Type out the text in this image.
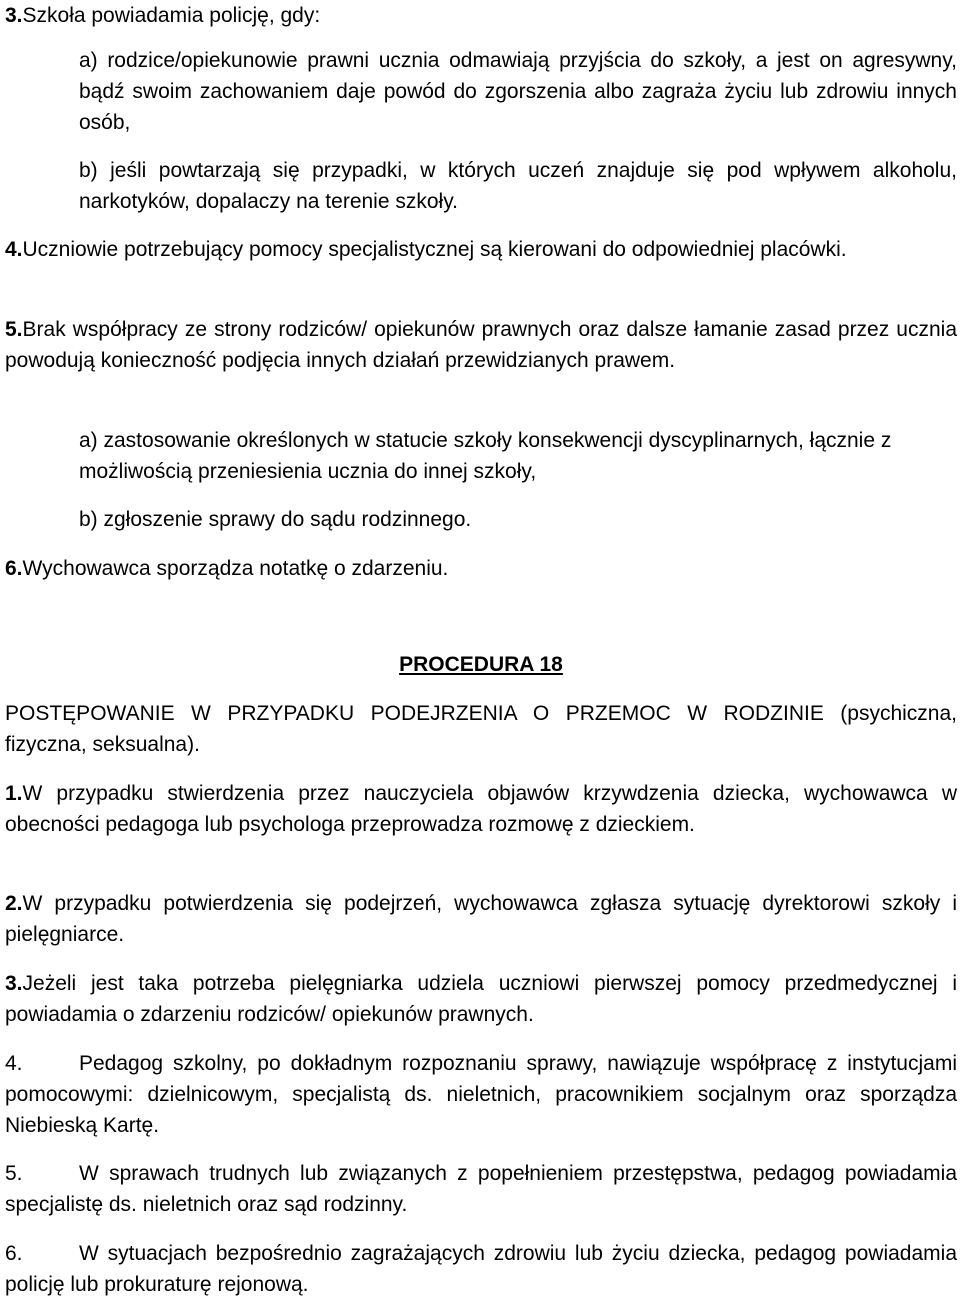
3.Szkoła powiadamia policję, gdy:

a) rodzice/opiekunowie prawni ucznia odmawiają przyjścia do szkoły, a jest on agresywny, bądź swoim zachowaniem daje powód do zgorszenia albo zagraża życiu lub zdrowiu innych osób,

b) jeśli powtarzają się przypadki, w których uczeń znajduje się pod wpływem alkoholu, narkotyków, dopalaczy na terenie szkoły.

4.Uczniowie potrzebujący pomocy specjalistycznej są kierowani do odpowiedniej placówki.

5.Brak współpracy ze strony rodziców/ opiekunów prawnych oraz dalsze łamanie zasad przez ucznia powodują konieczność podjęcia innych działań przewidzianych prawem.

a) zastosowanie określonych w statucie szkoły konsekwencji dyscyplinarnych, łącznie z możliwością przeniesienia ucznia do innej szkoły,

b) zgłoszenie sprawy do sądu rodzinnego.

6.Wychowawca sporządza notatkę o zdarzeniu.

PROCEDURA 18

POSTĘPOWANIE W PRZYPADKU PODEJRZENIA O PRZEMOC W RODZINIE (psychiczna, fizyczna, seksualna).

1.W przypadku stwierdzenia przez nauczyciela objawów krzywdzenia dziecka, wychowawca w obecności pedagoga lub psychologa przeprowadza rozmowę z dzieckiem.

2.W przypadku potwierdzenia się podejrzeń, wychowawca zgłasza sytuację dyrektorowi szkoły i pielęgniarce.

3.Jeżeli jest taka potrzeba pielęgniarka udziela uczniowi pierwszej pomocy przedmedycznej i powiadamia o zdarzeniu rodziców/ opiekunów prawnych.

4.	Pedagog szkolny, po dokładnym rozpoznaniu sprawy, nawiązuje współpracę z instytucjami pomocowymi: dzielnicowym, specjalistą ds. nieletnich, pracownikiem socjalnym oraz sporządza Niebieską Kartę.
5.	W sprawach trudnych lub związanych z popełnieniem przestępstwa, pedagog powiadamia specjalistę ds. nieletnich oraz sąd rodzinny.
6.	W sytuacjach bezpośrednio zagrażających zdrowiu lub życiu dziecka, pedagog powiadamia policję lub prokuraturę rejonową.
